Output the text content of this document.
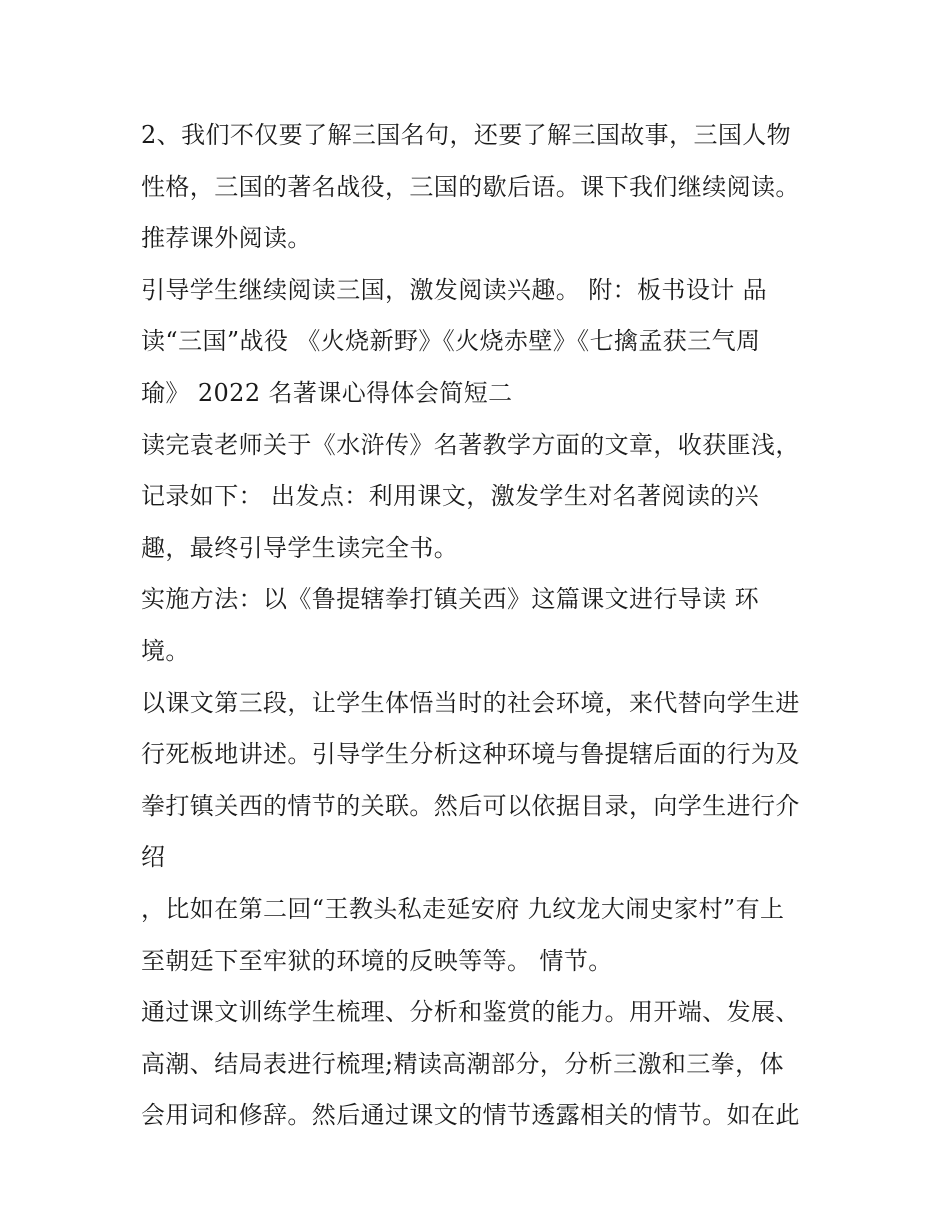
2、我们不仅要了解三国名句，还要了解三国故事，三国人物
性格，三国的著名战役，三国的歇后语。课下我们继续阅读。
推荐课外阅读。
引导学生继续阅读三国，激发阅读兴趣。 附：板书设计 品
读“三国”战役 《火烧新野》《火烧赤壁》《七擒孟获三气周
瑜》 2022 名著课心得体会简短二
读完袁老师关于《水浒传》名著教学方面的文章，收获匪浅，
记录如下： 出发点：利用课文，激发学生对名著阅读的兴
趣，最终引导学生读完全书。
实施方法：以《鲁提辖拳打镇关西》这篇课文进行导读 环
境。
以课文第三段，让学生体悟当时的社会环境，来代替向学生进
行死板地讲述。引导学生分析这种环境与鲁提辖后面的行为及
拳打镇关西的情节的关联。然后可以依据目录，向学生进行介
绍
，比如在第二回“王教头私走延安府 九纹龙大闹史家村”有上
至朝廷下至牢狱的环境的反映等等。 情节。
通过课文训练学生梳理、分析和鉴赏的能力。用开端、发展、
高潮、结局表进行梳理;精读高潮部分，分析三激和三拳，体
会用词和修辞。然后通过课文的情节透露相关的情节。如在此
